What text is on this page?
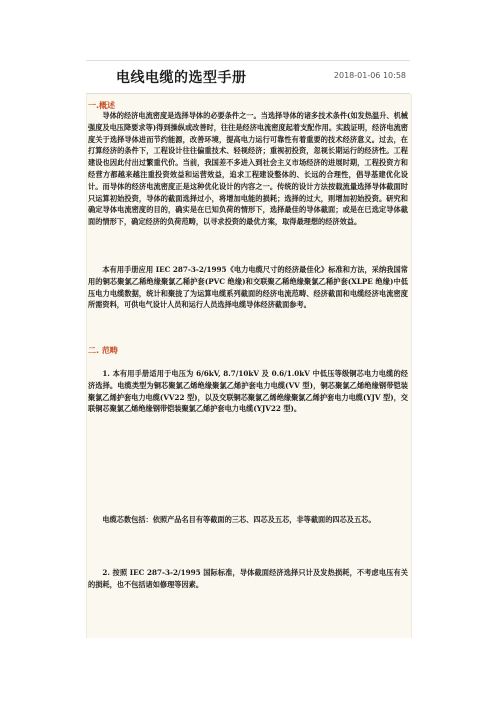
电线电缆的选型手册	2018-01-06 10:58
一.概述
导体的经济电流密度是选择导体的必要条件之一。当选择导体的诸多技术条件(如发热温升、机械强度及电压降要求等)得到操纵或改善时，往往是经济电流密度起着支配作用。实践证明，经济电流密度关于选择导体进而节约能源，改善环境，提高电力运行可靠性有着重要的技术经济意义。过去，在打算经济的条件下，工程设计往往偏重技术、轻视经济；重视初投资，忽视长期运行的经济性。工程建设也因此付出过繁重代价。当前，我国差不多进入到社会主义市场经济的进展时期，工程投资方和经营方都越来越注重投资效益和运营效益，追求工程建设整体的、长远的合理性，倡导基建优化设计。而导体的经济电流密度正是这种优化设计的内容之一。传统的设计方法按载流量选择导体截面时只运算初始投资，导体的截面选择过小，将增加电能的损耗；选择的过大，则增加初始投资。研究和确定导体电流密度的目的，确实是在已知负荷的情形下，选择最佳的导体截面；或是在已选定导体截面的情形下，确定经济的负荷范畴，以寻求投资的最优方案，取得最理想的经济效益。
本有用手册应用 IEC 287-3-2/1995《电力电缆尺寸的经济最佳化》标准和方法，采纳我国常用的铜芯聚氯乙稀绝缘聚氯乙稀护套(PVC 绝缘)和交联聚乙稀绝缘聚氯乙稀护套(XLPE 绝缘)中低压电力电缆数据，统计和聚拢了为运算电缆系列截面的经济电流范畴、经济截面和电缆经济电流密度所需资料，可供电气设计人员和运行人员选择电缆导体经济截面参考。
二. 范畴
1. 本有用手册适用于电压为 6/6kV, 8.7/10kV 及 0.6/1.0kV 中低压等级铜芯电力电缆的经济选择。电缆类型为铜芯聚氯乙烯绝缘聚氯乙烯护套电力电缆(VV 型)，铜芯聚氯乙烯绝缘钢带铠装聚氯乙烯护套电力电缆(VV22 型)，以及交联铜芯聚氯乙烯绝缘聚氯乙烯护套电力电缆(YJV 型)，交联铜芯聚氯乙烯绝缘钢带铠装聚氯乙烯护套电力电缆(YJV22 型)。
电缆芯数包括：依照产品名目有等截面的三芯、四芯及五芯，非等截面的四芯及五芯。
2. 按照 IEC 287-3-2/1995 国际标准，导体截面经济选择只计及发热损耗，不考虑电压有关的损耗，也不包括诸如修理等因素。
